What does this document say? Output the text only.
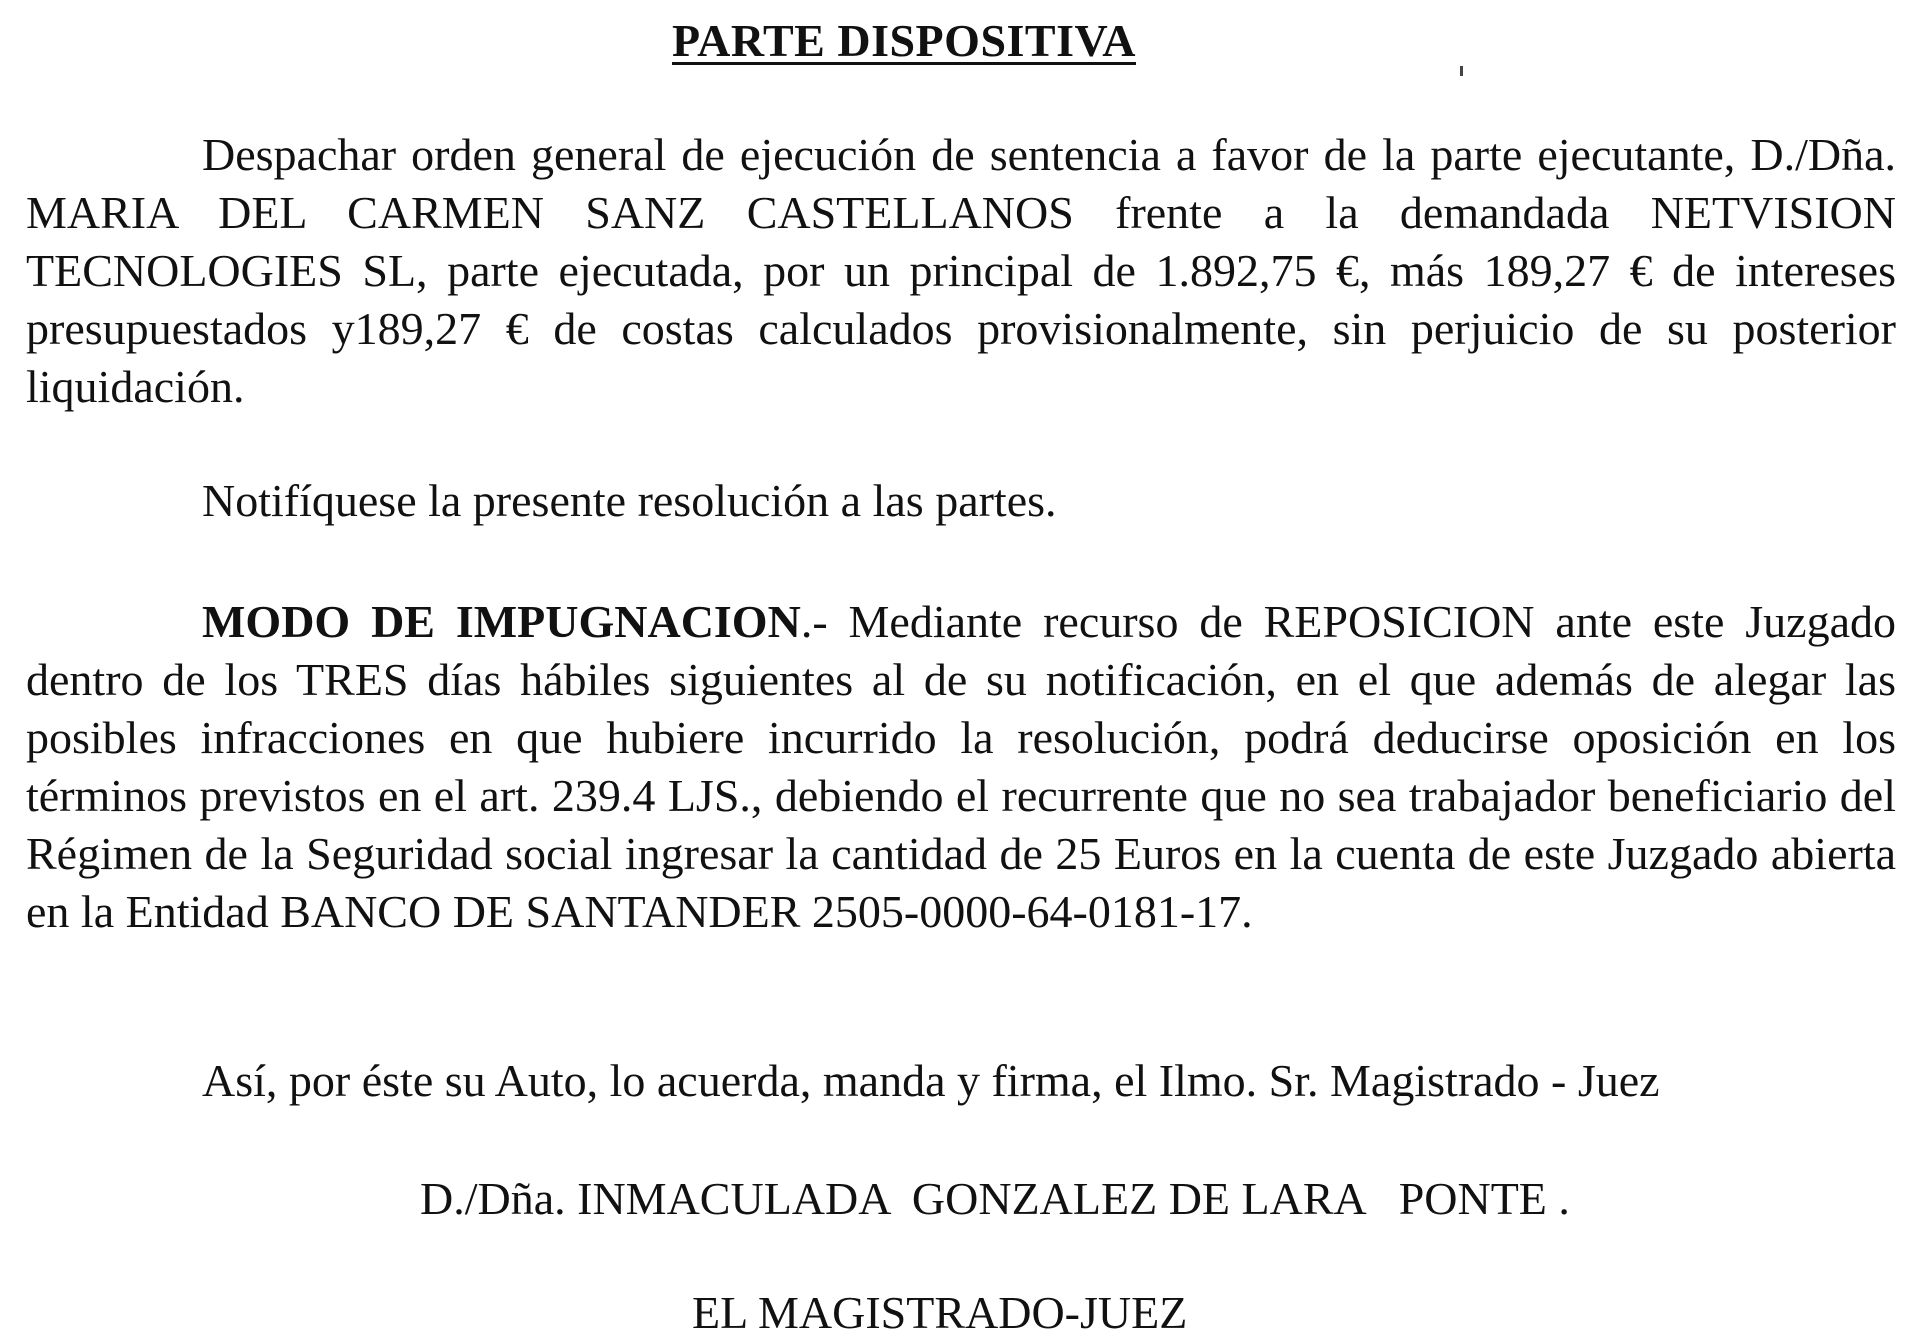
PARTE DISPOSITIVA
Despachar orden general de ejecución de sentencia a favor de la parte ejecutante, D./Dña. MARIA DEL CARMEN SANZ CASTELLANOS frente a la demandada NETVISION TECNOLOGIES SL, parte ejecutada, por un principal de 1.892,75 €, más 189,27 € de intereses presupuestados y189,27 € de costas calculados provisionalmente, sin perjuicio de su posterior liquidación.
Notifíquese la presente resolución a las partes.
MODO DE IMPUGNACION.- Mediante recurso de REPOSICION ante este Juzgado dentro de los TRES días hábiles siguientes al de su notificación, en el que además de alegar las posibles infracciones en que hubiere incurrido la resolución, podrá deducirse oposición en los términos previstos en el art. 239.4 LJS., debiendo el recurrente que no sea trabajador beneficiario del Régimen de la Seguridad social ingresar la cantidad de 25 Euros en la cuenta de este Juzgado abierta en la Entidad BANCO DE SANTANDER 2505-0000-64-0181-17.
Así, por éste su Auto, lo acuerda, manda y firma, el Ilmo. Sr. Magistrado - Juez
D./Dña. INMACULADA  GONZALEZ DE LARA   PONTE .
EL MAGISTRADO-JUEZ
